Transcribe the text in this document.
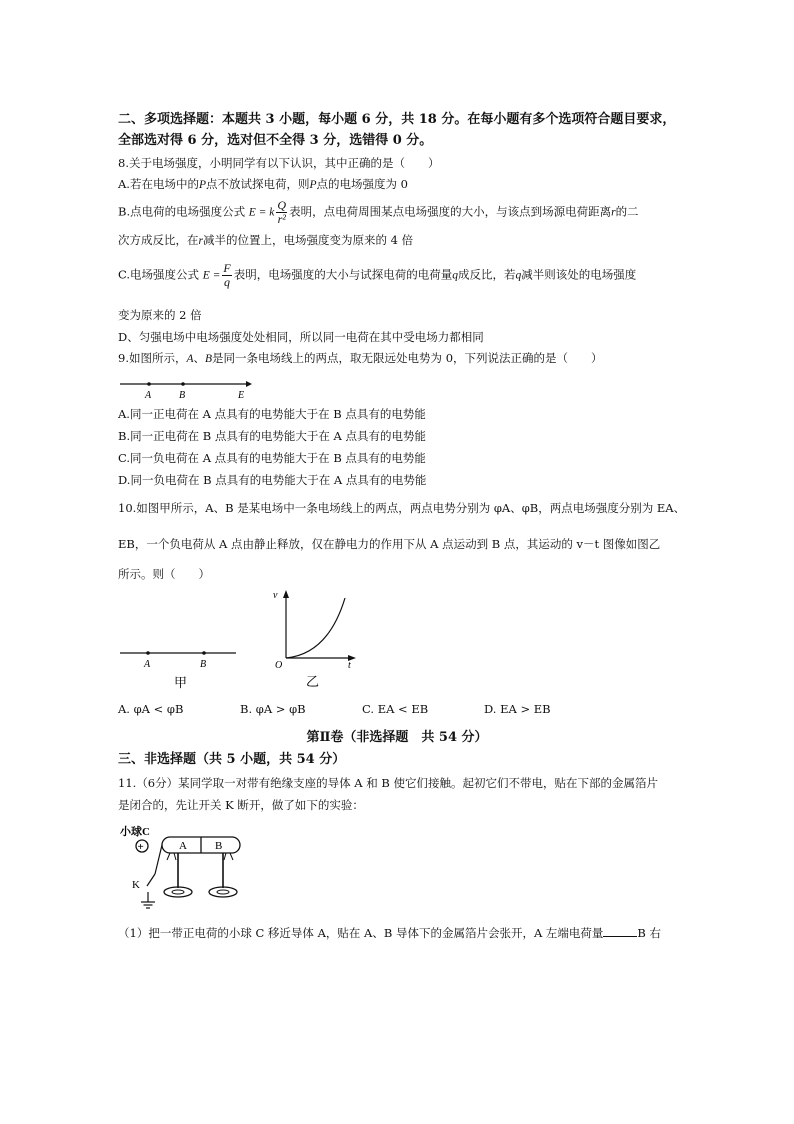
二、多项选择题：本题共 3 小题，每小题 6 分，共 18 分。在每小题有多个选项符合题目要求，
全部选对得 6 分，选对但不全得 3 分，选错得 0 分。
8.关于电场强度，小明同学有以下认识，其中正确的是（　　）
A.若在电场中的P点不放试探电荷，则P点的电场强度为 0
B.点电荷的电场强度公式 E = k $\frac{Q}{\text{r²}}$ 表明，点电荷周围某点电场强度的大小，与该点到场源电荷距离r的二
次方成反比，在r减半的位置上，电场强度变为原来的 4 倍
C.电场强度公式 $E = \frac{F}{q}$ 表明，电场强度的大小与试探电荷的电荷量q成反比，若q减半则该处的电场强度
变为原来的 2 倍
D、匀强电场中电场强度处处相同，所以同一电荷在其中受电场力都相同
9.如图所示，A、B是同一条电场线上的两点，取无限远处电势为 0，下列说法正确的是（　　）
A	B	E
A.同一正电荷在 A 点具有的电势能大于在 B 点具有的电势能
B.同一正电荷在 B 点具有的电势能大于在 A 点具有的电势能
C.同一负电荷在 A 点具有的电势能大于在 B 点具有的电势能
D.同一负电荷在 B 点具有的电势能大于在 A 点具有的电势能
10.如图甲所示，A、B 是某电场中一条电场线上的两点，两点电势分别为 φA、φB，两点电场强度分别为 EA、
EB，一个负电荷从 A 点由静止释放，仅在静电力的作用下从 A 点运动到 B 点，其运动的 v－t 图像如图乙
所示。则（　　）
A	B
甲
v
O	t
乙
A. φA < φB	B. φA > φB	C. EA < EB	D. EA > EB
第Ⅱ卷（非选择题　共 54 分）
三、非选择题（共 5 小题，共 54 分）
11.（6分）某同学取一对带有绝缘支座的导体 A 和 B 使它们接触。起初它们不带电，贴在下部的金属箔片
是闭合的，先让开关 K 断开，做了如下的实验：
小球C
+	A	B
K
（1）把一带正电荷的小球 C 移近导体 A，贴在 A、B 导体下的金属箔片会张开，A 左端电荷量	B 右
